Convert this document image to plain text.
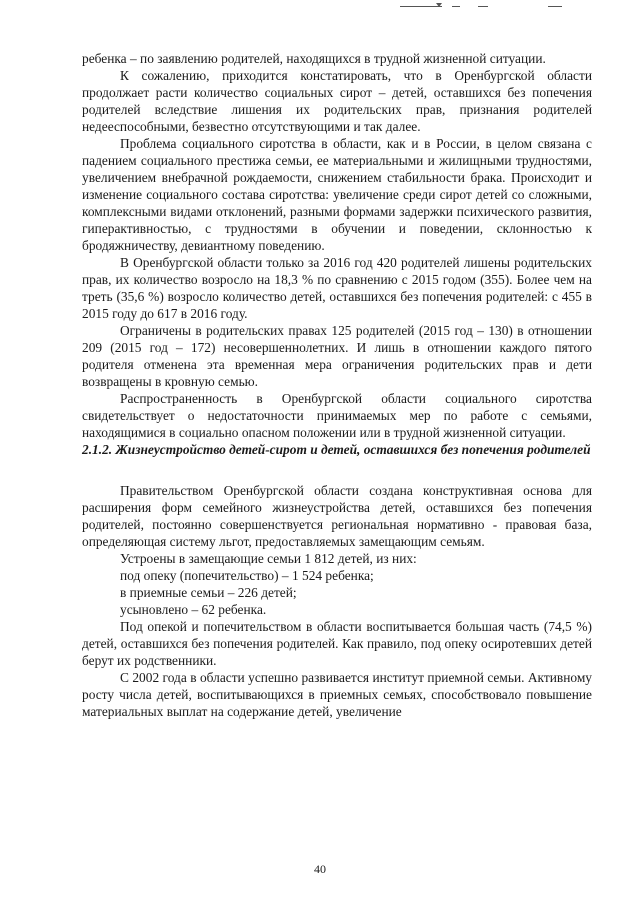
ребенка – по заявлению родителей, находящихся в трудной жизненной ситуации.

К сожалению, приходится констатировать, что в Оренбургской области продолжает расти количество социальных сирот – детей, оставшихся без попечения родителей вследствие лишения их родительских прав, признания родителей недееспособными, безвестно отсутствующими и так далее.

Проблема социального сиротства в области, как и в России, в целом связана с падением социального престижа семьи, ее материальными и жилищными трудностями, увеличением внебрачной рождаемости, снижением стабильности брака. Происходит и изменение социального состава сиротства: увеличение среди сирот детей со сложными, комплексными видами отклонений, разными формами задержки психического развития, гиперактивностью, с трудностями в обучении и поведении, склонностью к бродяжничеству, девиантному поведению.

В Оренбургской области только за 2016 год 420 родителей лишены родительских прав, их количество возросло на 18,3 % по сравнению с 2015 годом (355). Более чем на треть (35,6 %) возросло количество детей, оставшихся без попечения родителей: с 455 в 2015 году до 617 в 2016 году.

Ограничены в родительских правах 125 родителей (2015 год – 130) в отношении 209 (2015 год – 172) несовершеннолетних. И лишь в отношении каждого пятого родителя отменена эта временная мера ограничения родительских прав и дети возвращены в кровную семью.

Распространенность в Оренбургской области социального сиротства свидетельствует о недостаточности принимаемых мер по работе с семьями, находящимися в социально опасном положении или в трудной жизненной ситуации.

2.1.2. Жизнеустройство детей-сирот и детей, оставшихся без попечения родителей

Правительством Оренбургской области создана конструктивная основа для расширения форм семейного жизнеустройства детей, оставшихся без попечения родителей, постоянно совершенствуется региональная нормативно - правовая база, определяющая систему льгот, предоставляемых замещающим семьям.

Устроены в замещающие семьи 1 812 детей, из них:

под опеку (попечительство) – 1 524 ребенка;

в приемные семьи – 226 детей;

усыновлено – 62 ребенка.

Под опекой и попечительством в области воспитывается большая часть (74,5 %) детей, оставшихся без попечения родителей. Как правило, под опеку осиротевших детей берут их родственники.

С 2002 года в области успешно развивается институт приемной семьи. Активному росту числа детей, воспитывающихся в приемных семьях, способствовало повышение материальных выплат на содержание детей, увеличение

40
